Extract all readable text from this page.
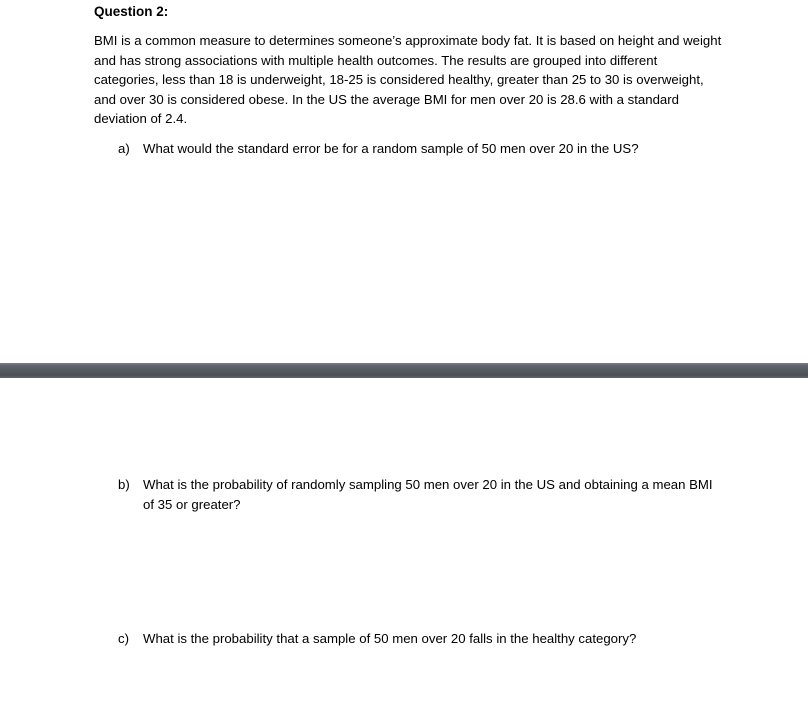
Question 2:

BMI is a common measure to determines someone’s approximate body fat. It is based on height and weight and has strong associations with multiple health outcomes. The results are grouped into different categories, less than 18 is underweight, 18-25 is considered healthy, greater than 25 to 30 is overweight, and over 30 is considered obese. In the US the average BMI for men over 20 is 28.6 with a standard deviation of 2.4.

a)	What would the standard error be for a random sample of 50 men over 20 in the US?
b)	What is the probability of randomly sampling 50 men over 20 in the US and obtaining a mean BMI of 35 or greater?
c)	What is the probability that a sample of 50 men over 20 falls in the healthy category?
